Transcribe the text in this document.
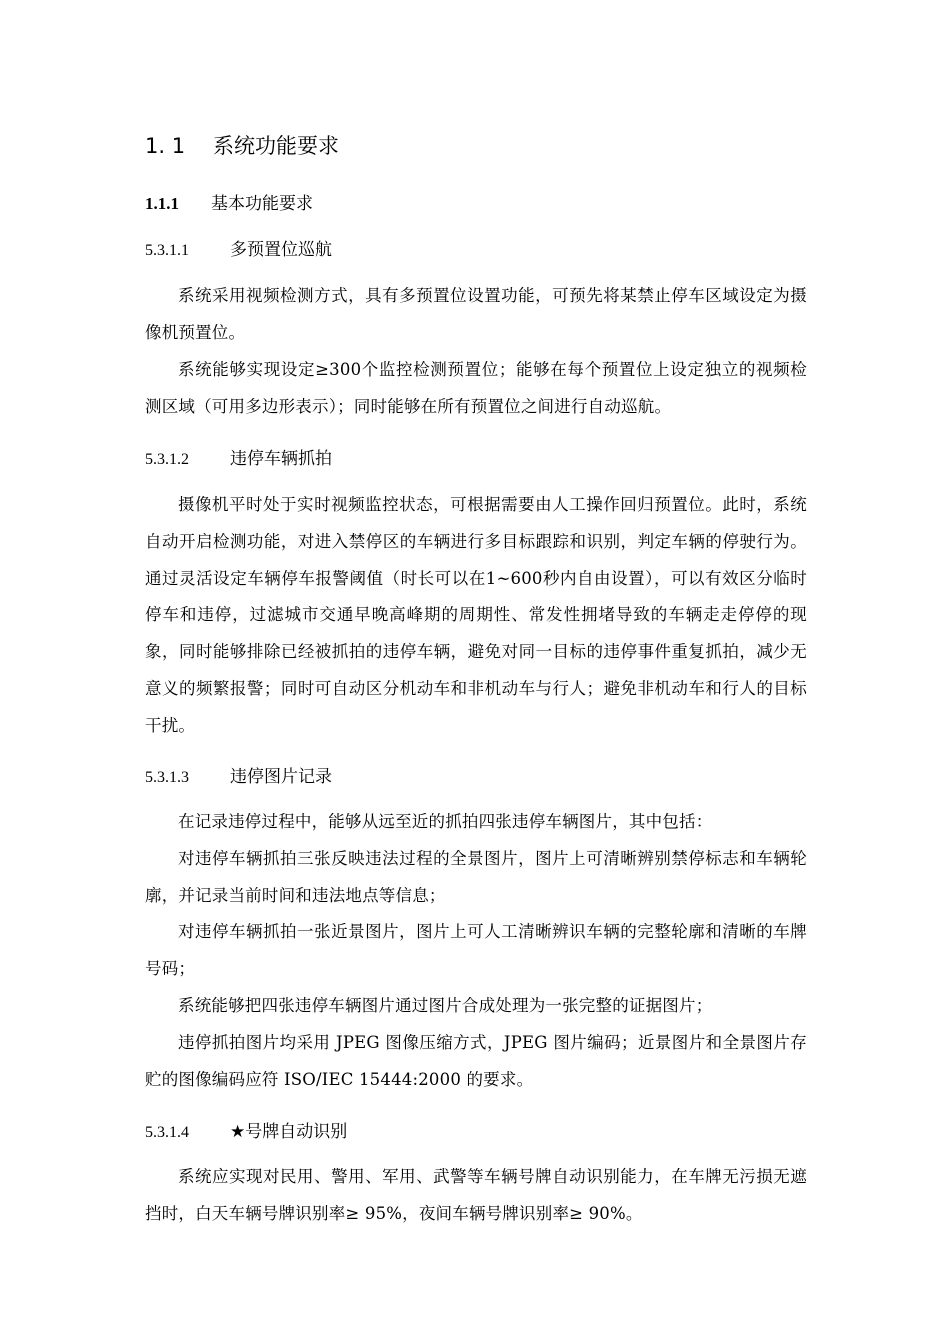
1. 1 系统功能要求
1.1.1 基本功能要求
5.3.1.1 多预置位巡航

系统采用视频检测方式，具有多预置位设置功能，可预先将某禁止停车区域设定为摄像机预置位。

系统能够实现设定≥300个监控检测预置位；能够在每个预置位上设定独立的视频检测区域（可用多边形表示）；同时能够在所有预置位之间进行自动巡航。

5.3.1.2 违停车辆抓拍

摄像机平时处于实时视频监控状态，可根据需要由人工操作回归预置位。此时，系统自动开启检测功能，对进入禁停区的车辆进行多目标跟踪和识别，判定车辆的停驶行为。通过灵活设定车辆停车报警阈值（时长可以在1~600秒内自由设置），可以有效区分临时停车和违停，过滤城市交通早晚高峰期的周期性、常发性拥堵导致的车辆走走停停的现象，同时能够排除已经被抓拍的违停车辆，避免对同一目标的违停事件重复抓拍，减少无意义的频繁报警；同时可自动区分机动车和非机动车与行人；避免非机动车和行人的目标干扰。

5.3.1.3 违停图片记录

在记录违停过程中，能够从远至近的抓拍四张违停车辆图片，其中包括：

对违停车辆抓拍三张反映违法过程的全景图片，图片上可清晰辨别禁停标志和车辆轮廓，并记录当前时间和违法地点等信息；

对违停车辆抓拍一张近景图片，图片上可人工清晰辨识车辆的完整轮廓和清晰的车牌号码；

系统能够把四张违停车辆图片通过图片合成处理为一张完整的证据图片；

违停抓拍图片均采用 JPEG 图像压缩方式，JPEG 图片编码；近景图片和全景图片存贮的图像编码应符 ISO/IEC 15444:2000 的要求。

5.3.1.4 ★号牌自动识别

系统应实现对民用、警用、军用、武警等车辆号牌自动识别能力，在车牌无污损无遮挡时，白天车辆号牌识别率≥ 95%，夜间车辆号牌识别率≥ 90%。
